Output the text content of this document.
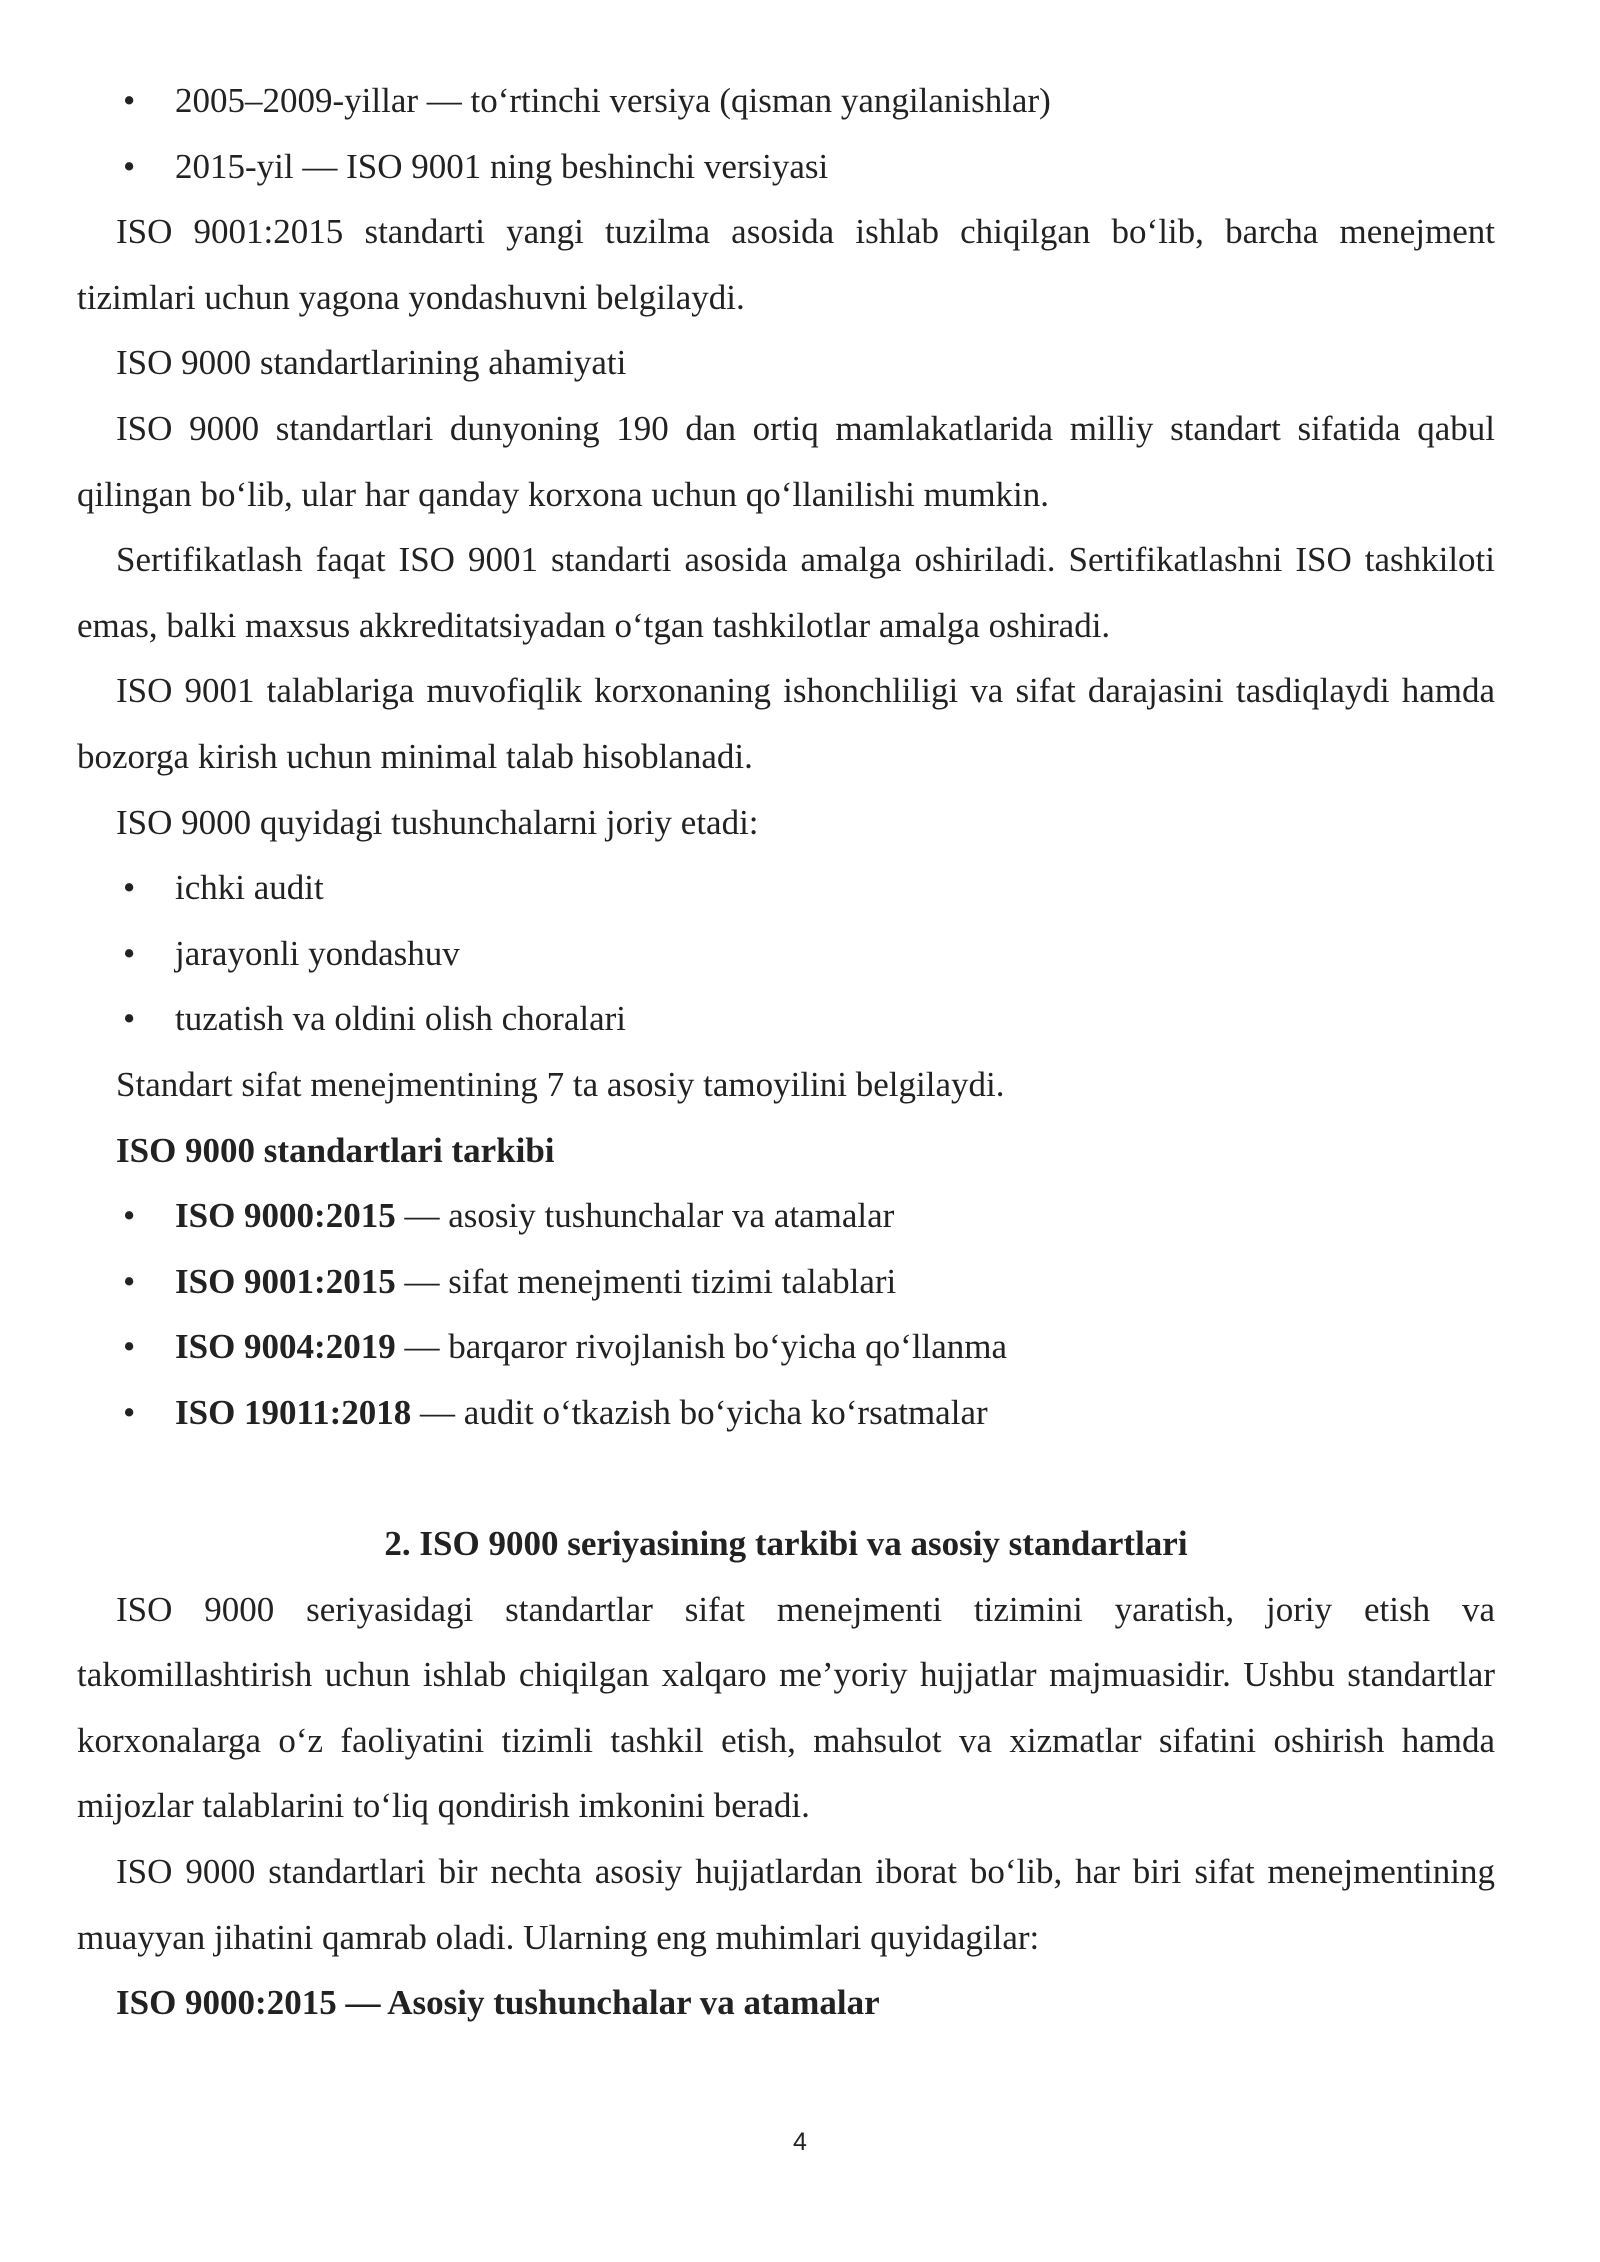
• 2005–2009-yillar — to‘rtinchi versiya (qisman yangilanishlar)
• 2015-yil — ISO 9001 ning beshinchi versiyasi
ISO 9001:2015 standarti yangi tuzilma asosida ishlab chiqilgan bo‘lib, barcha menejment tizimlari uchun yagona yondashuvni belgilaydi.
ISO 9000 standartlarining ahamiyati
ISO 9000 standartlari dunyoning 190 dan ortiq mamlakatlarida milliy standart sifatida qabul qilingan bo‘lib, ular har qanday korxona uchun qo‘llanilishi mumkin.
Sertifikatlash faqat ISO 9001 standarti asosida amalga oshiriladi. Sertifikatlashni ISO tashkiloti emas, balki maxsus akkreditatsiyadan o‘tgan tashkilotlar amalga oshiradi.
ISO 9001 talablariga muvofiqlik korxonaning ishonchliligi va sifat darajasini tasdiqlaydi hamda bozorga kirish uchun minimal talab hisoblanadi.
ISO 9000 quyidagi tushunchalarni joriy etadi:
• ichki audit
• jarayonli yondashuv
• tuzatish va oldini olish choralari
Standart sifat menejmentining 7 ta asosiy tamoyilini belgilaydi.
ISO 9000 standartlari tarkibi
• ISO 9000:2015 — asosiy tushunchalar va atamalar
• ISO 9001:2015 — sifat menejmenti tizimi talablari
• ISO 9004:2019 — barqaror rivojlanish bo‘yicha qo‘llanma
• ISO 19011:2018 — audit o‘tkazish bo‘yicha ko‘rsatmalar
2. ISO 9000 seriyasining tarkibi va asosiy standartlari
ISO 9000 seriyasidagi standartlar sifat menejmenti tizimini yaratish, joriy etish va takomillashtirish uchun ishlab chiqilgan xalqaro me’yoriy hujjatlar majmuasidir. Ushbu standartlar korxonalarga o‘z faoliyatini tizimli tashkil etish, mahsulot va xizmatlar sifatini oshirish hamda mijozlar talablarini to‘liq qondirish imkonini beradi.
ISO 9000 standartlari bir nechta asosiy hujjatlardan iborat bo‘lib, har biri sifat menejmentining muayyan jihatini qamrab oladi. Ularning eng muhimlari quyidagilar:
ISO 9000:2015 — Asosiy tushunchalar va atamalar
4
